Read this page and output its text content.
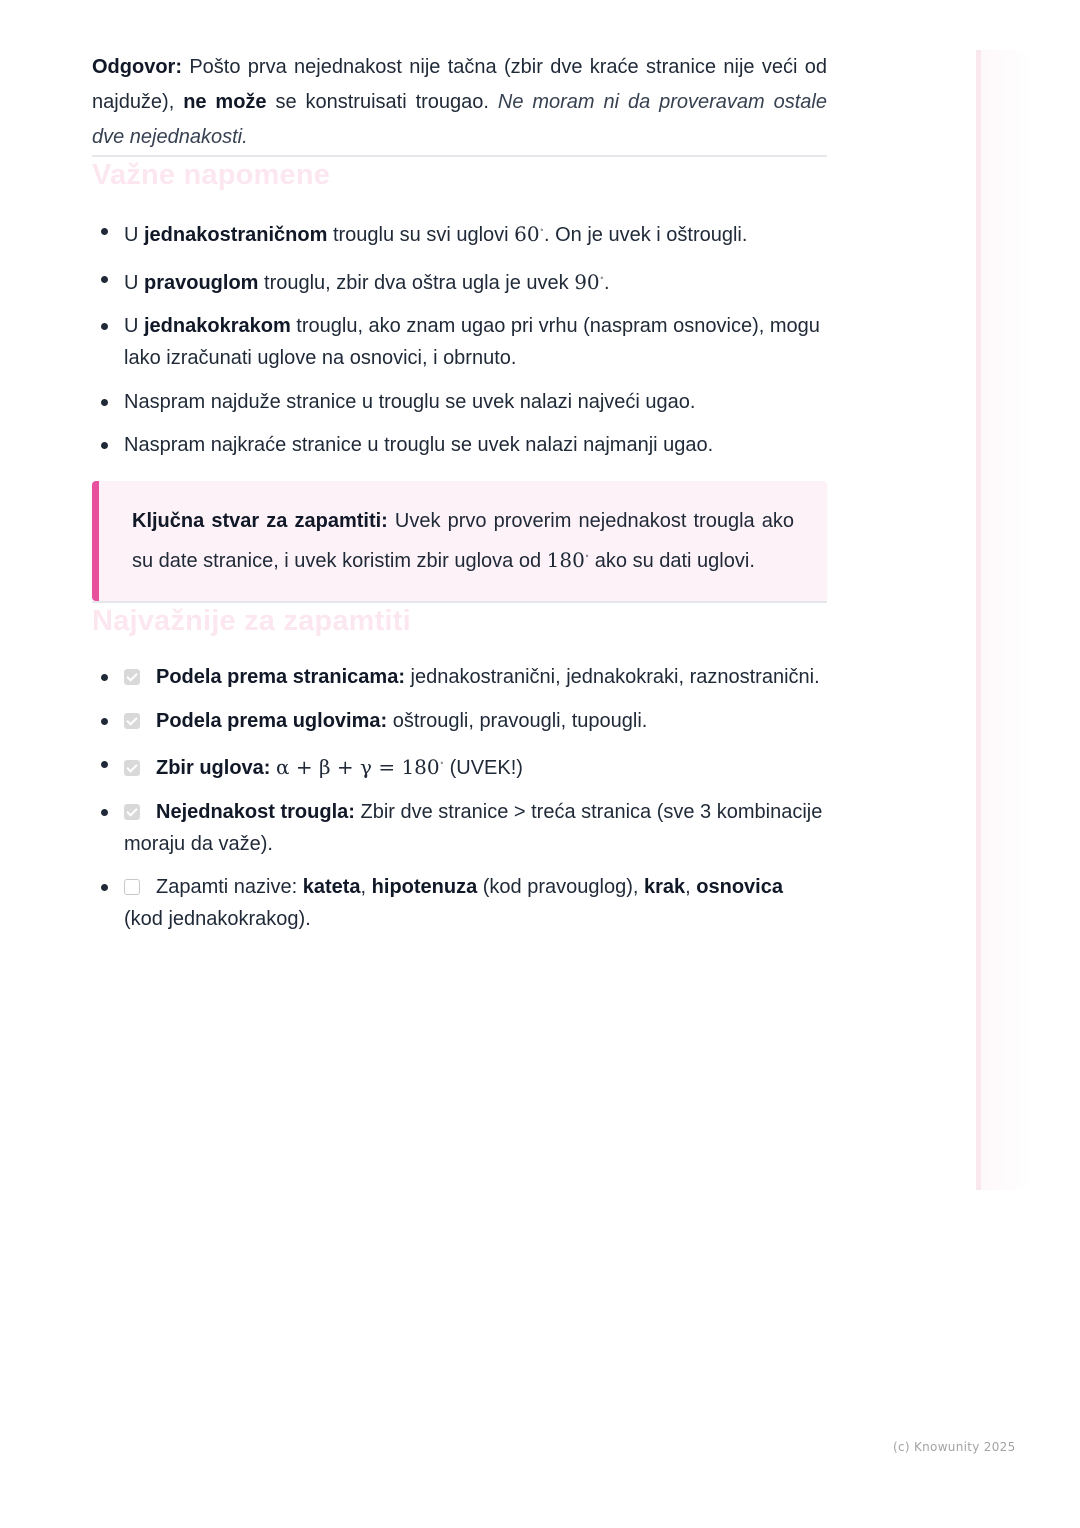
Odgovor: Pošto prva nejednakost nije tačna (zbir dve kraće stranice nije veći od najduže), ne može se konstruisati trougao. Ne moram ni da proveravam ostale dve nejednakosti.

Važne napomene
U jednakostraničnom trouglu su svi uglovi 60∘. On je uvek i oštrougli.
U pravouglom trouglu, zbir dva oštra ugla je uvek 90∘.
U jednakokrakom trouglu, ako znam ugao pri vrhu (naspram osnovice), mogu lako izračunati uglove na osnovici, i obrnuto.
Naspram najduže stranice u trouglu se uvek nalazi najveći ugao.
Naspram najkraće stranice u trouglu se uvek nalazi najmanji ugao.

Ključna stvar za zapamtiti: Uvek prvo proverim nejednakost trougla ako su date stranice, i uvek koristim zbir uglova od 180∘ ako su dati uglovi.

Najvažnije za zapamtiti
Podela prema stranicama: jednakostranični, jednakokraki, raznostranični.
Podela prema uglovima: oštrougli, pravougli, tupougli.
Zbir uglova: α + β + γ = 180∘ (UVEK!)
Nejednakost trougla: Zbir dve stranice > treća stranica (sve 3 kombinacije moraju da važe).
Zapamti nazive: kateta, hipotenuza (kod pravouglog), krak, osnovica (kod jednakokrakog).
(c) Knowunity 2025
